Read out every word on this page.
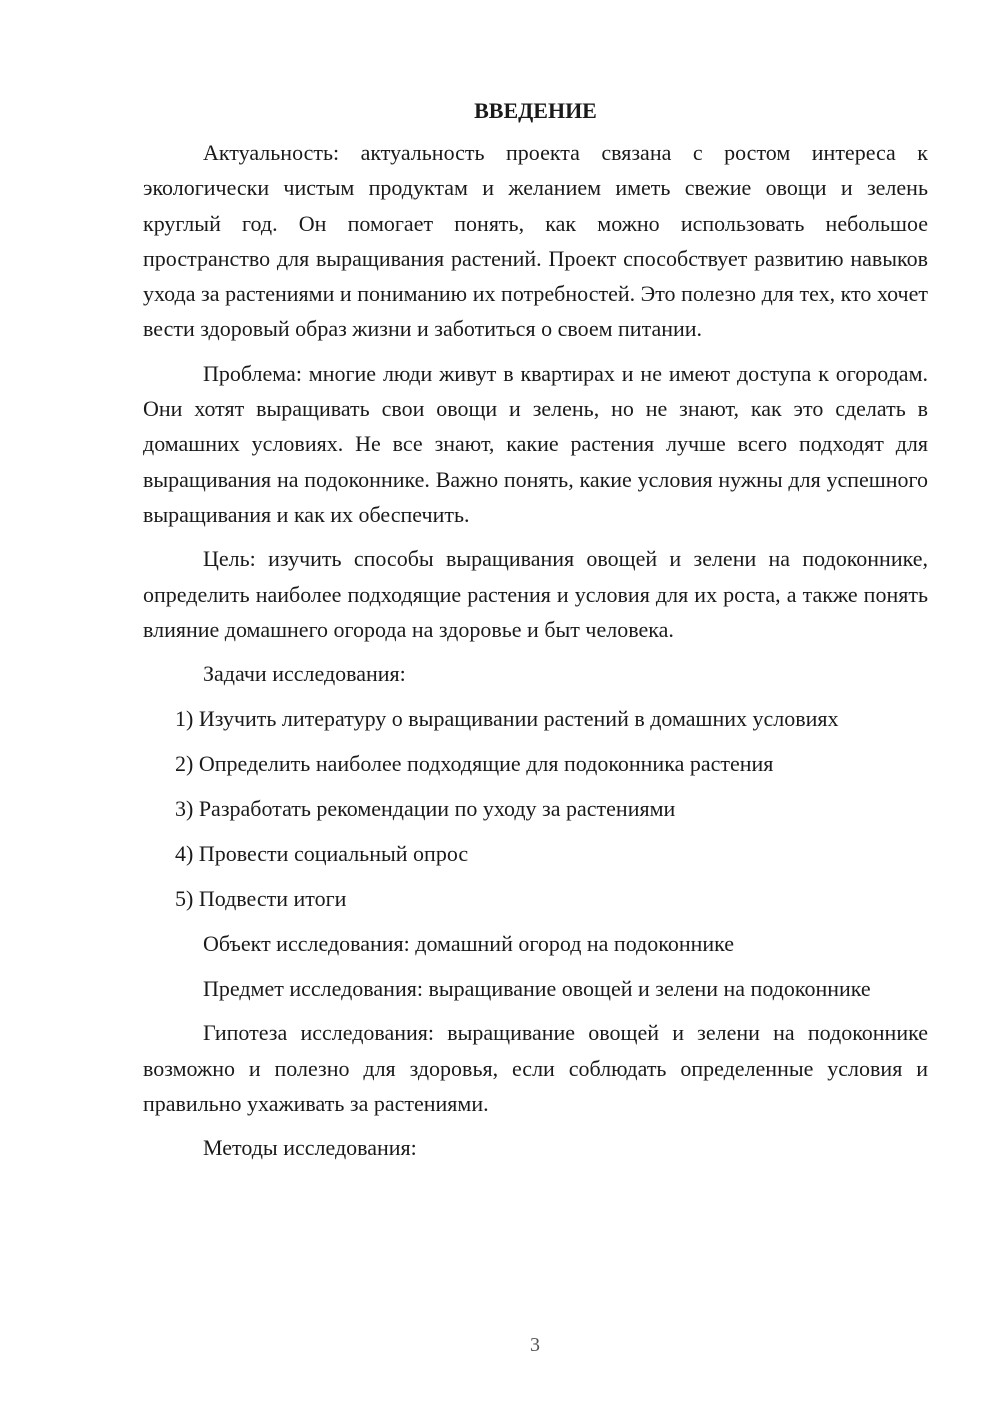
ВВЕДЕНИЕ

Актуальность: актуальность проекта связана с ростом интереса к экологически чистым продуктам и желанием иметь свежие овощи и зелень круглый год. Он помогает понять, как можно использовать небольшое пространство для выращивания растений. Проект способствует развитию навыков ухода за растениями и пониманию их потребностей. Это полезно для тех, кто хочет вести здоровый образ жизни и заботиться о своем питании.

Проблема: многие люди живут в квартирах и не имеют доступа к огородам. Они хотят выращивать свои овощи и зелень, но не знают, как это сделать в домашних условиях. Не все знают, какие растения лучше всего подходят для выращивания на подоконнике. Важно понять, какие условия нужны для успешного выращивания и как их обеспечить.

Цель: изучить способы выращивания овощей и зелени на подоконнике, определить наиболее подходящие растения и условия для их роста, а также понять влияние домашнего огорода на здоровье и быт человека.

Задачи исследования:
1) Изучить литературу о выращивании растений в домашних условиях
2) Определить наиболее подходящие для подоконника растения
3) Разработать рекомендации по уходу за растениями
4) Провести социальный опрос
5) Подвести итоги
Объект исследования: домашний огород на подоконнике

Предмет исследования: выращивание овощей и зелени на подоконнике

Гипотеза исследования: выращивание овощей и зелени на подоконнике возможно и полезно для здоровья, если соблюдать определенные условия и правильно ухаживать за растениями.

Методы исследования:
3
